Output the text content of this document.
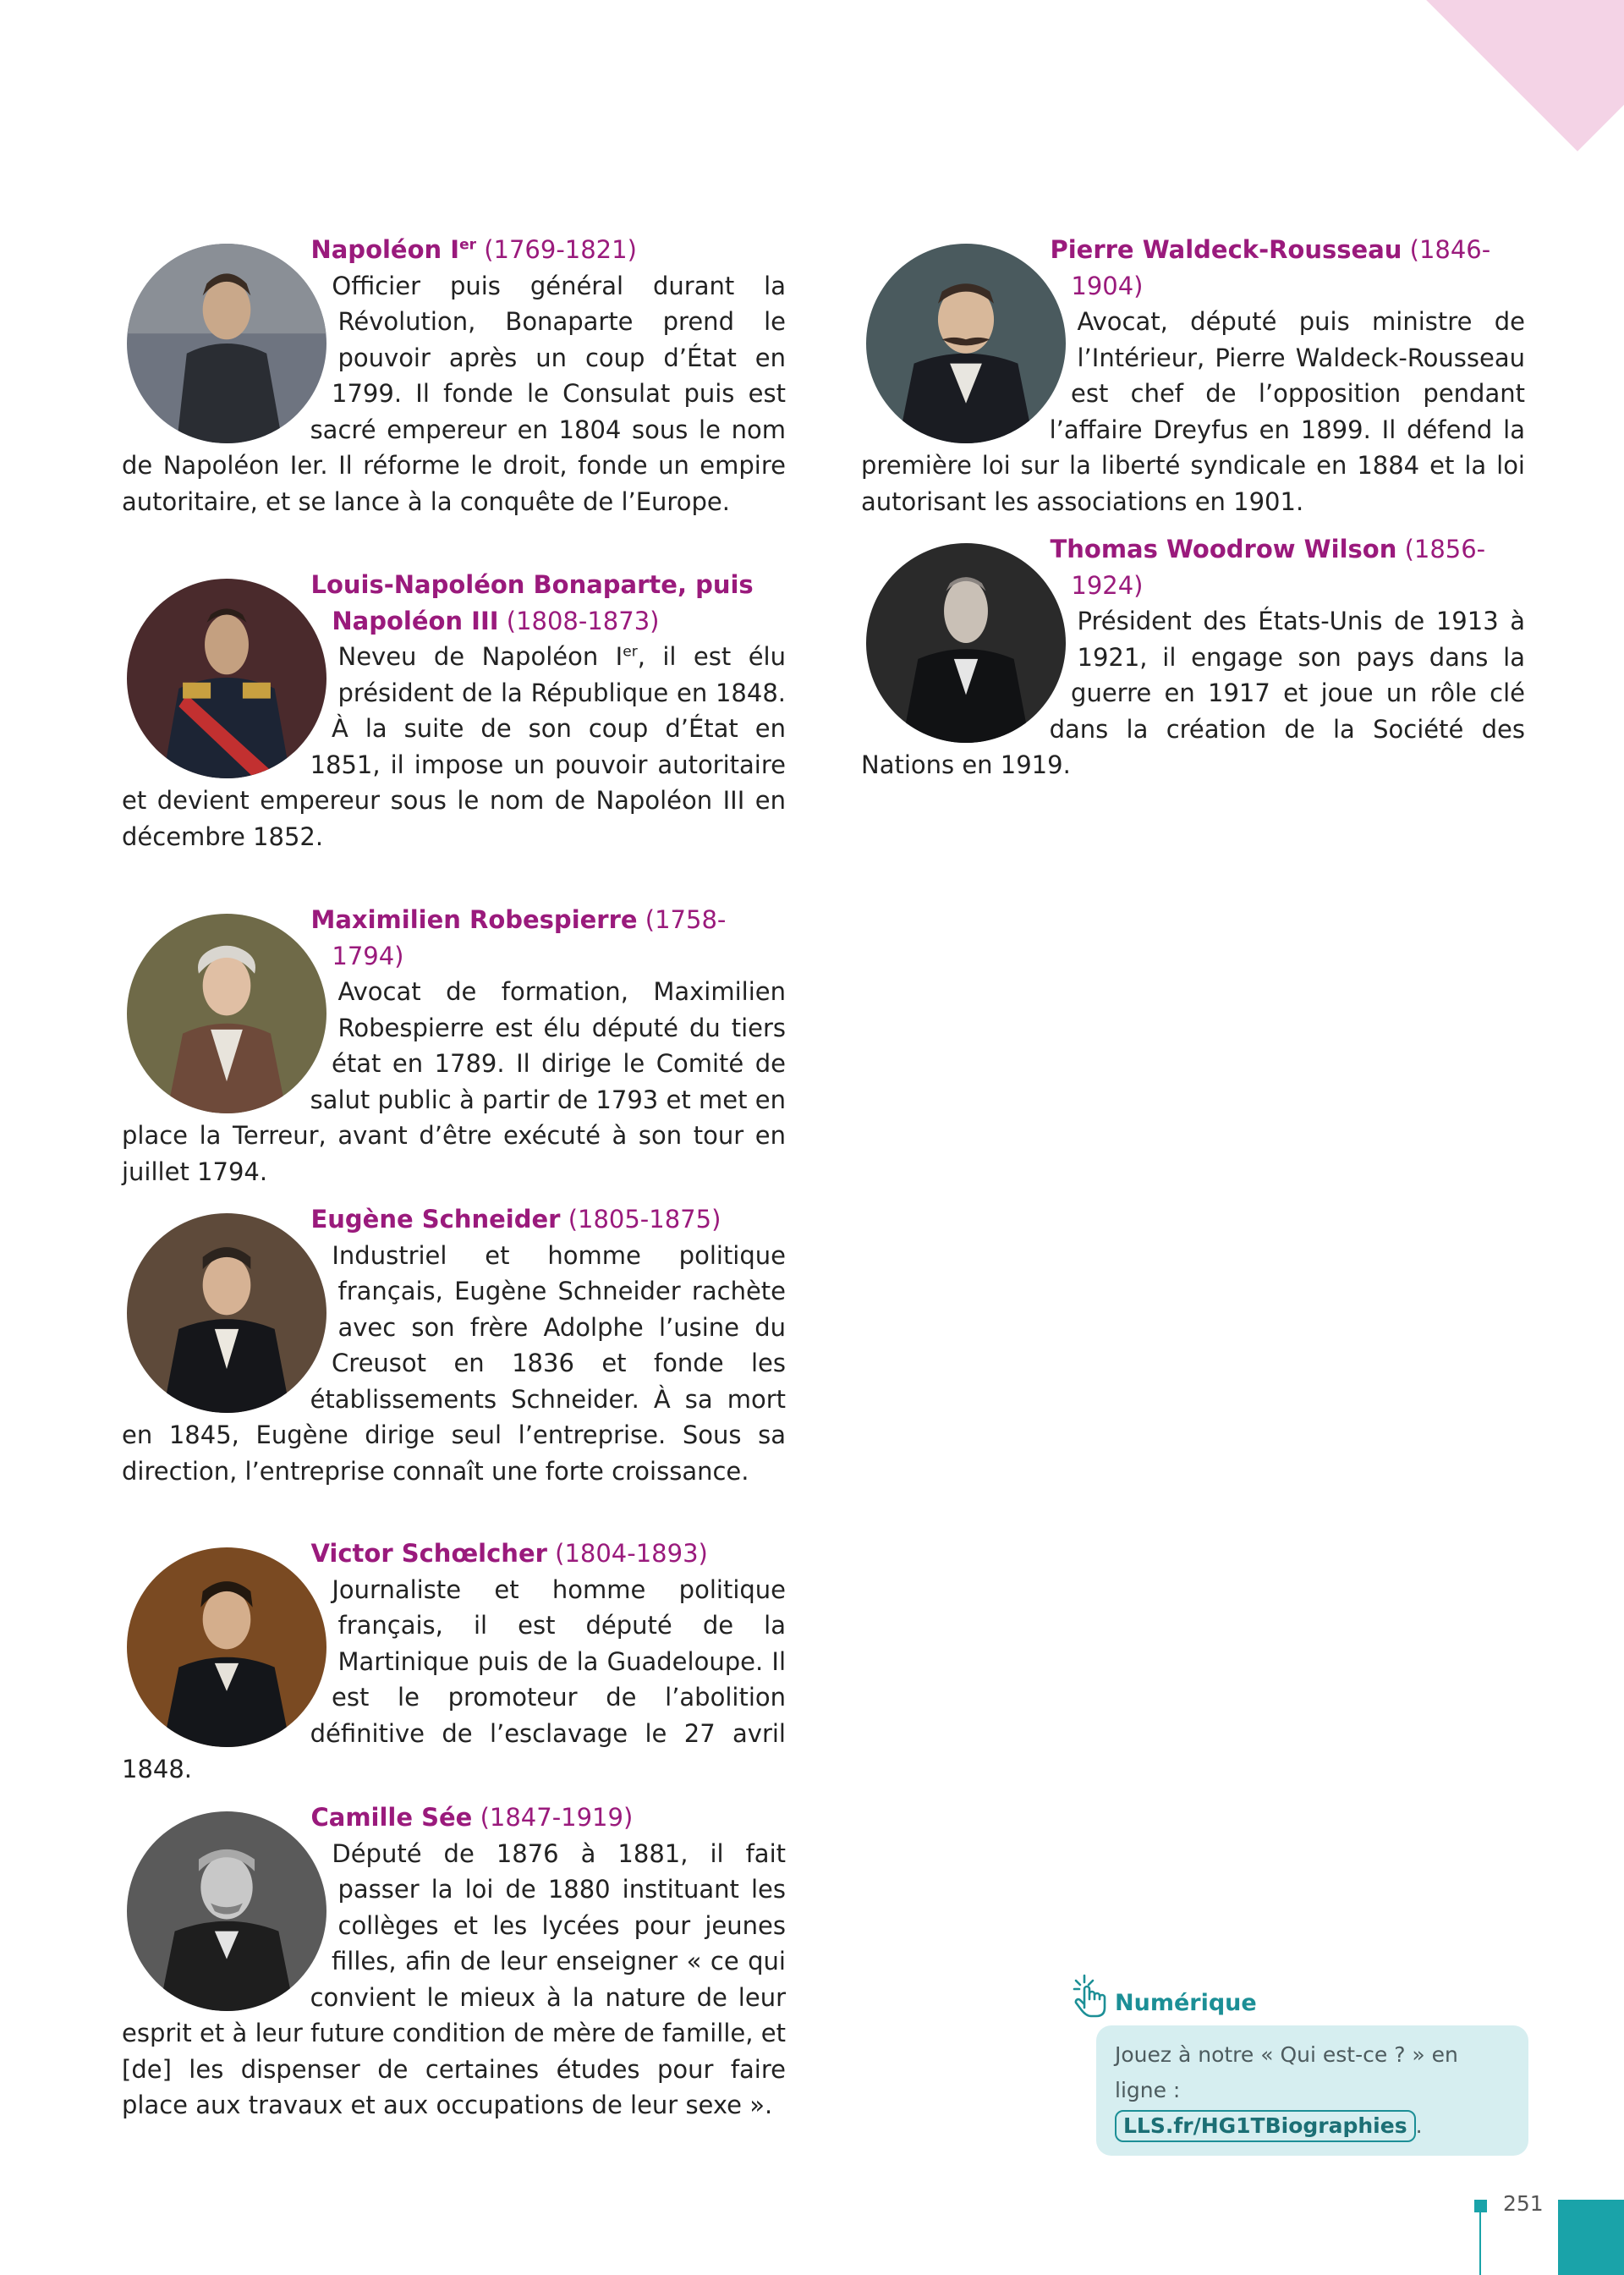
Napoléon Ier (1769-1821)

Officier puis général durant la Révolution, Bonaparte prend le pouvoir après un coup d’État en 1799. Il fonde le Consulat puis est sacré empereur en 1804 sous le nom de Napoléon Ier. Il réforme le droit, fonde un empire autoritaire, et se lance à la conquête de l’Europe.

Louis-Napoléon Bonaparte, puis Napoléon III (1808-1873)

Neveu de Napoléon Ier, il est élu président de la République en 1848. À la suite de son coup d’État en 1851, il impose un pouvoir autoritaire et devient empereur sous le nom de Napoléon III en décembre 1852.

Maximilien Robespierre (1758-1794)

Avocat de formation, Maximilien Robespierre est élu député du tiers état en 1789. Il dirige le Comité de salut public à partir de 1793 et met en place la Terreur, avant d’être exécuté à son tour en juillet 1794.

Eugène Schneider (1805-1875)

Industriel et homme politique français, Eugène Schneider rachète avec son frère Adolphe l’usine du Creusot en 1836 et fonde les établissements Schneider. À sa mort en 1845, Eugène dirige seul l’entreprise. Sous sa direction, l’entreprise connaît une forte croissance.

Victor Schœlcher (1804-1893)

Journaliste et homme politique français, il est député de la Martinique puis de la Guadeloupe. Il est le promoteur de l’abolition définitive de l’esclavage le 27 avril 1848.

Camille Sée (1847-1919)

Député de 1876 à 1881, il fait passer la loi de 1880 instituant les collèges et les lycées pour jeunes filles, afin de leur enseigner « ce qui convient le mieux à la nature de leur esprit et à leur future condition de mère de famille, et [de] les dispenser de certaines études pour faire place aux travaux et aux occupations de leur sexe ».

Pierre Waldeck-Rousseau (1846-1904)

Avocat, député puis ministre de l’Intérieur, Pierre Waldeck-Rousseau est chef de l’opposition pendant l’affaire Dreyfus en 1899. Il défend la première loi sur la liberté syndicale en 1884 et la loi autorisant les associations en 1901.

Thomas Woodrow Wilson (1856-1924)

Président des États-Unis de 1913 à 1921, il engage son pays dans la guerre en 1917 et joue un rôle clé dans la création de la Société des Nations en 1919.

Numérique
Jouez à notre « Qui est-ce ? » en ligne :
LLS.fr/HG1TBiographies .
251
